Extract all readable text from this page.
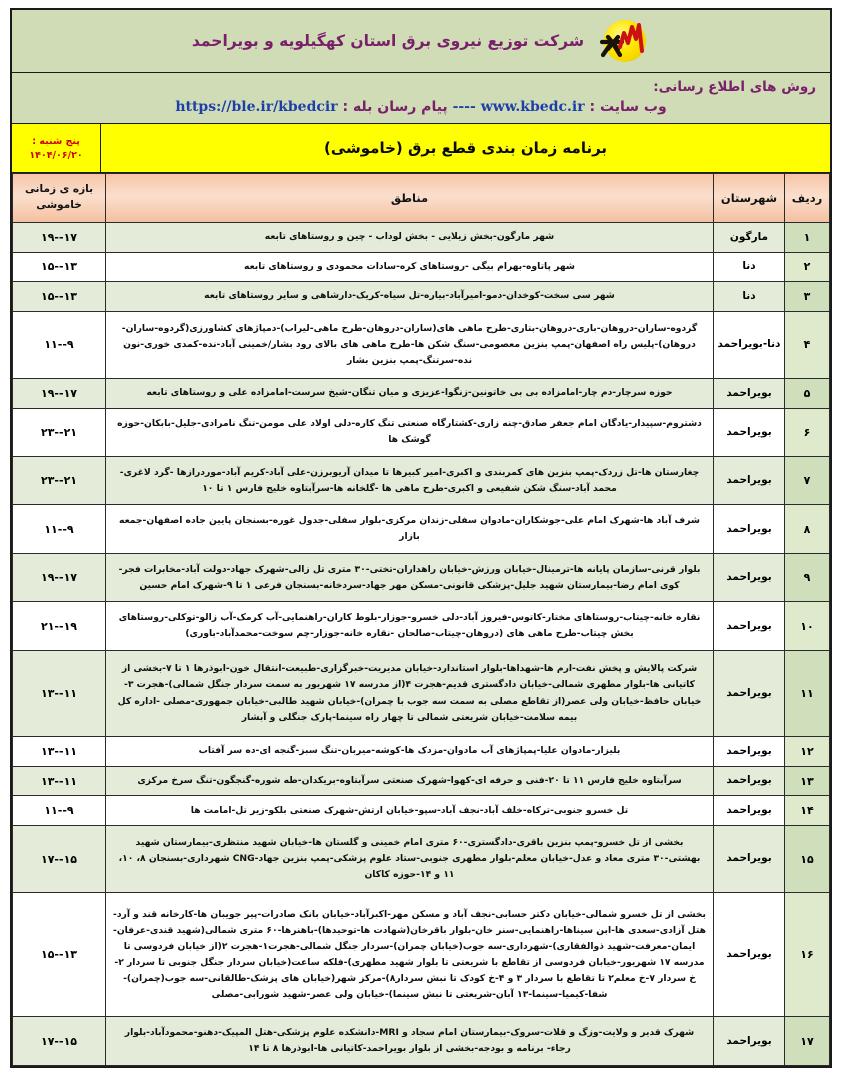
شرکت توزیع نیروی برق استان کهگیلویه و بویراحمد
روش های اطلاع رسانی:
وب سایت : www.kbedc.ir ---- پیام رسان بله : https://ble.ir/kbedcir
برنامه زمان بندی قطع برق (خاموشی)
پنج شنبه :
۱۴۰۴/۰۶/۲۰
ردیف	شهرستان	مناطق	بازه ی زمانی
خاموشی

۱	مارگون	شهر مارگون-بخش زیلایی - بخش لوداب - چین و روستاهای تابعه	۱۷--۱۹
۲	دنا	شهر پاتاوه-بهرام بیگی -روستاهای کره-سادات محمودی و روستاهای تابعه	۱۳--۱۵
۳	دنا	شهر سی سخت-کوخدان-دمو-امیرآباد-بیاره-تل سیاه-کریک-دارشاهی و سایر روستاهای تابعه	۱۳--۱۵
۴	دنا-بویراحمد	گردوه-ساران-دروهان-باری-دروهان-بتاری-طرح ماهی های(ساران-دروهان-طرح ماهی-لیراب)-دمپاژهای کشاورزی(گردوه-ساران-دروهان)-پلیس راه اصفهان-پمپ بنزین معصومی-سنگ شکن ها-طرح ماهی های بالای رود بشار/خمینی آباد-نده-کمدی خوری-نون نده-سرتنگ-پمپ بنزین بشار	۹--۱۱
۵	بویراحمد	حوزه سرچار-دم چار-امامزاده بی بی خاتونین-زنگوا-عزیزی و میان تنگان-شیخ سرست-امامزاده علی و روستاهای تابعه	۱۷--۱۹
۶	بویراحمد	دشتروم-سپیدار-یادگان امام جعفر صادق-چنه زاری-کشتارگاه صنعتی تنگ کاره-دلی اولاد علی مومن-تنگ نامرادی-جلیل-بابکان-حوزه گوشک ها	۲۱--۲۳
۷	بویراحمد	چغارستان ها-تل زردک-پمپ بنزین های کمربندی و اکبری-امیر کبیرها تا میدان آریوبرزن-علی آباد-کریم آباد-موردرازها -گرد لاغری-محمد آباد-سنگ شکن شفیعی و اکبری-طرح ماهی ها -گلخانه ها-سرآبتاوه خلیج فارس ۱ تا ۱۰	۲۱--۲۳
۸	بویراحمد	شرف آباد ها-شهرک امام علی-جوشکاران-مادوان سفلی-زندان مرکزی-بلوار سفلی-جدول غوره-بسنجان پایین جاده اصفهان-جمعه بازار	۹--۱۱
۹	بویراحمد	بلوار قرنی-سازمان پایانه ها-ترمینال-خیابان ورزش-خیابان راهداران-تختی-۳۰ متری تل زالی-شهرک جهاد-دولت آباد-مخابرات فجر-کوی امام رضا-بیمارستان شهید جلیل-پزشکی قانونی-مسکن مهر جهاد-سردخانه-بسنجان فرعی ۱ تا ۹-شهرک امام حسین	۱۷--۱۹
۱۰	بویراحمد	نقاره خانه-چیتاب-روستاهای مختار-کاتوس-فیروز آباد-دلی خسرو-جوزار-بلوط کاران-راهنمایی-آب کرمک-آب زالو-توکلی-روستاهای بخش چیتاب-طرح ماهی های (دروهان-چیتاب-صالحان -نقاره خانه-جوزار-چم سوخت-محمدآباد-باوری)	۱۹--۲۱
۱۱	بویراحمد	شرکت پالایش و پخش نفت-ارم ها-شهداها-بلوار استاندارد-خیابان مدیریت-خبرگزاری-طبیعت-انتقال خون-ابوذرها ۱ تا ۷-بخشی از کاتیانی ها-بلوار مطهری شمالی-خیابان دادگستری قدیم-هجرت ۴(از مدرسه ۱۷ شهریور به سمت سردار جنگل شمالی)-هجرت ۳-خیابان حافظ-خیابان ولی عصر(از تقاطع مصلی به سمت سه جوب با چمران)-خیابان شهید طالبی-خیابان جمهوری-مصلی -اداره کل بیمه سلامت-خیابان شریعتی شمالی تا چهار راه سینما-پارک جنگلی و آبشار	۱۱--۱۳
۱۲	بویراحمد	بلیزار-مادوان علیا-پمپاژهای آب مادوان-مزدک ها-کوشه-میربان-تنگ سبز-گنجه ای-ده سر آفتاب	۱۱--۱۳
۱۳	بویراحمد	سرآبتاوه خلیج فارس ۱۱ تا ۲۰-فنی و حرفه ای-کهوا-شهرک صنعتی سرآبتاوه-بریکدان-طه شوره-گنجگون-تنگ سرخ مرکزی	۱۱--۱۳
۱۴	بویراحمد	تل خسرو جنوبی-ترکاه-خلف آباد-نجف آباد-سپو-خیابان ارتش-شهرک صنعتی بلکو-زیر تل-امامت ها	۹--۱۱
۱۵	بویراحمد	بخشی از تل خسرو-پمپ بنزین باقری-دادگستری-۶۰ متری امام خمینی و گلستان ها-خیابان شهید منتظری-بیمارستان شهید بهشتی-۳۰ متری معاد و عدل-خیابان معلم-بلوار مطهری جنوبی-ستاد علوم پزشکی-پمپ بنزین جهاد-CNG شهرداری-بسنجان ۸، ۱۰، ۱۱ و ۱۴-حوزه کاکان	۱۵--۱۷
۱۶	بویراحمد	بخشی از تل خسرو شمالی-خیابان دکتر حسابی-نجف آباد و مسکن مهر-اکبرآباد-خیابان بانک صادرات-پیر جویبان ها-کارخانه قند و آرد-هتل آزادی-سعدی ها-ابن سیناها-راهنمایی-سنر خان-بلوار باقرخان(شهادت ها-توحیدها)-باهنرها-۶۰ متری شمالی(شهید قندی-عرفان-ایمان-معرفت-شهید ذوالفقاری)-شهرداری-سه جوب(خیابان چمران)-سردار جنگل شمالی-هجرت۱-هجرت ۲(از خیابان فردوسی تا مدرسه ۱۷ شهریور-خیابان فردوسی از تقاطع با شریعتی تا بلوار شهید مطهری)-فلکه ساعت(خیابان سردار جنگل جنوبی تا سردار ۲-خ سردار ۷-خ معلم۲ تا تقاطع با سردار ۳ و ۴-خ کودک تا نبش سردار۸)-مرکز شهر(خیابان های پزشک-طالقانی-سه جوب(چمران)-شفا-کیمیا-سینما-۱۳ آبان-شریعتی تا نبش سینما)-خیابان ولی عصر-شهید شورابی-مصلی	۱۳--۱۵
۱۷	بویراحمد	شهرک قدیر و ولایت-وزگ و قلات-سروک-بیمارستان امام سجاد و MRI-دانشکده علوم پزشکی-هتل المپیک-دهنو-محمودآباد-بلوار رجاء- برنامه و بودجه-بخشی از بلوار بویراحمد-کاتیانی ها-ابوذرها ۸ تا ۱۴	۱۵--۱۷
